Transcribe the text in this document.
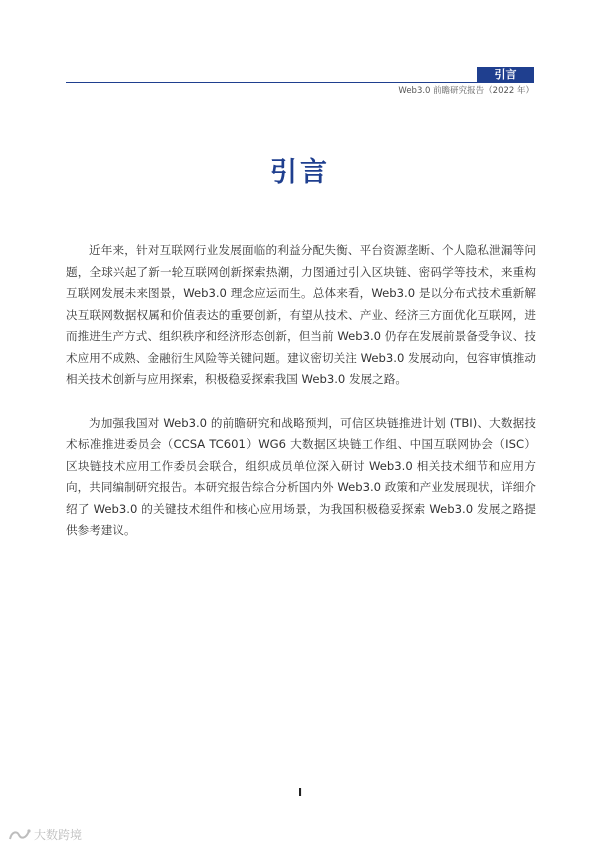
引言
Web3.0 前瞻研究报告（2022 年）
引言

近年来，针对互联网行业发展面临的利益分配失衡、平台资源垄断、个人隐私泄漏等问题，全球兴起了新一轮互联网创新探索热潮，力图通过引入区块链、密码学等技术，来重构互联网发展未来图景，Web3.0 理念应运而生。总体来看，Web3.0 是以分布式技术重新解决互联网数据权属和价值表达的重要创新，有望从技术、产业、经济三方面优化互联网，进而推进生产方式、组织秩序和经济形态创新，但当前 Web3.0 仍存在发展前景备受争议、技术应用不成熟、金融衍生风险等关键问题。建议密切关注 Web3.0 发展动向，包容审慎推动相关技术创新与应用探索，积极稳妥探索我国 Web3.0 发展之路。

为加强我国对 Web3.0 的前瞻研究和战略预判，可信区块链推进计划 (TBI)、大数据技术标准推进委员会（CCSA TC601）WG6 大数据区块链工作组、中国互联网协会（ISC）区块链技术应用工作委员会联合，组织成员单位深入研讨 Web3.0 相关技术细节和应用方向，共同编制研究报告。本研究报告综合分析国内外 Web3.0 政策和产业发展现状，详细介绍了 Web3.0 的关键技术组件和核心应用场景，为我国积极稳妥探索 Web3.0 发展之路提供参考建议。

I
大数跨境
